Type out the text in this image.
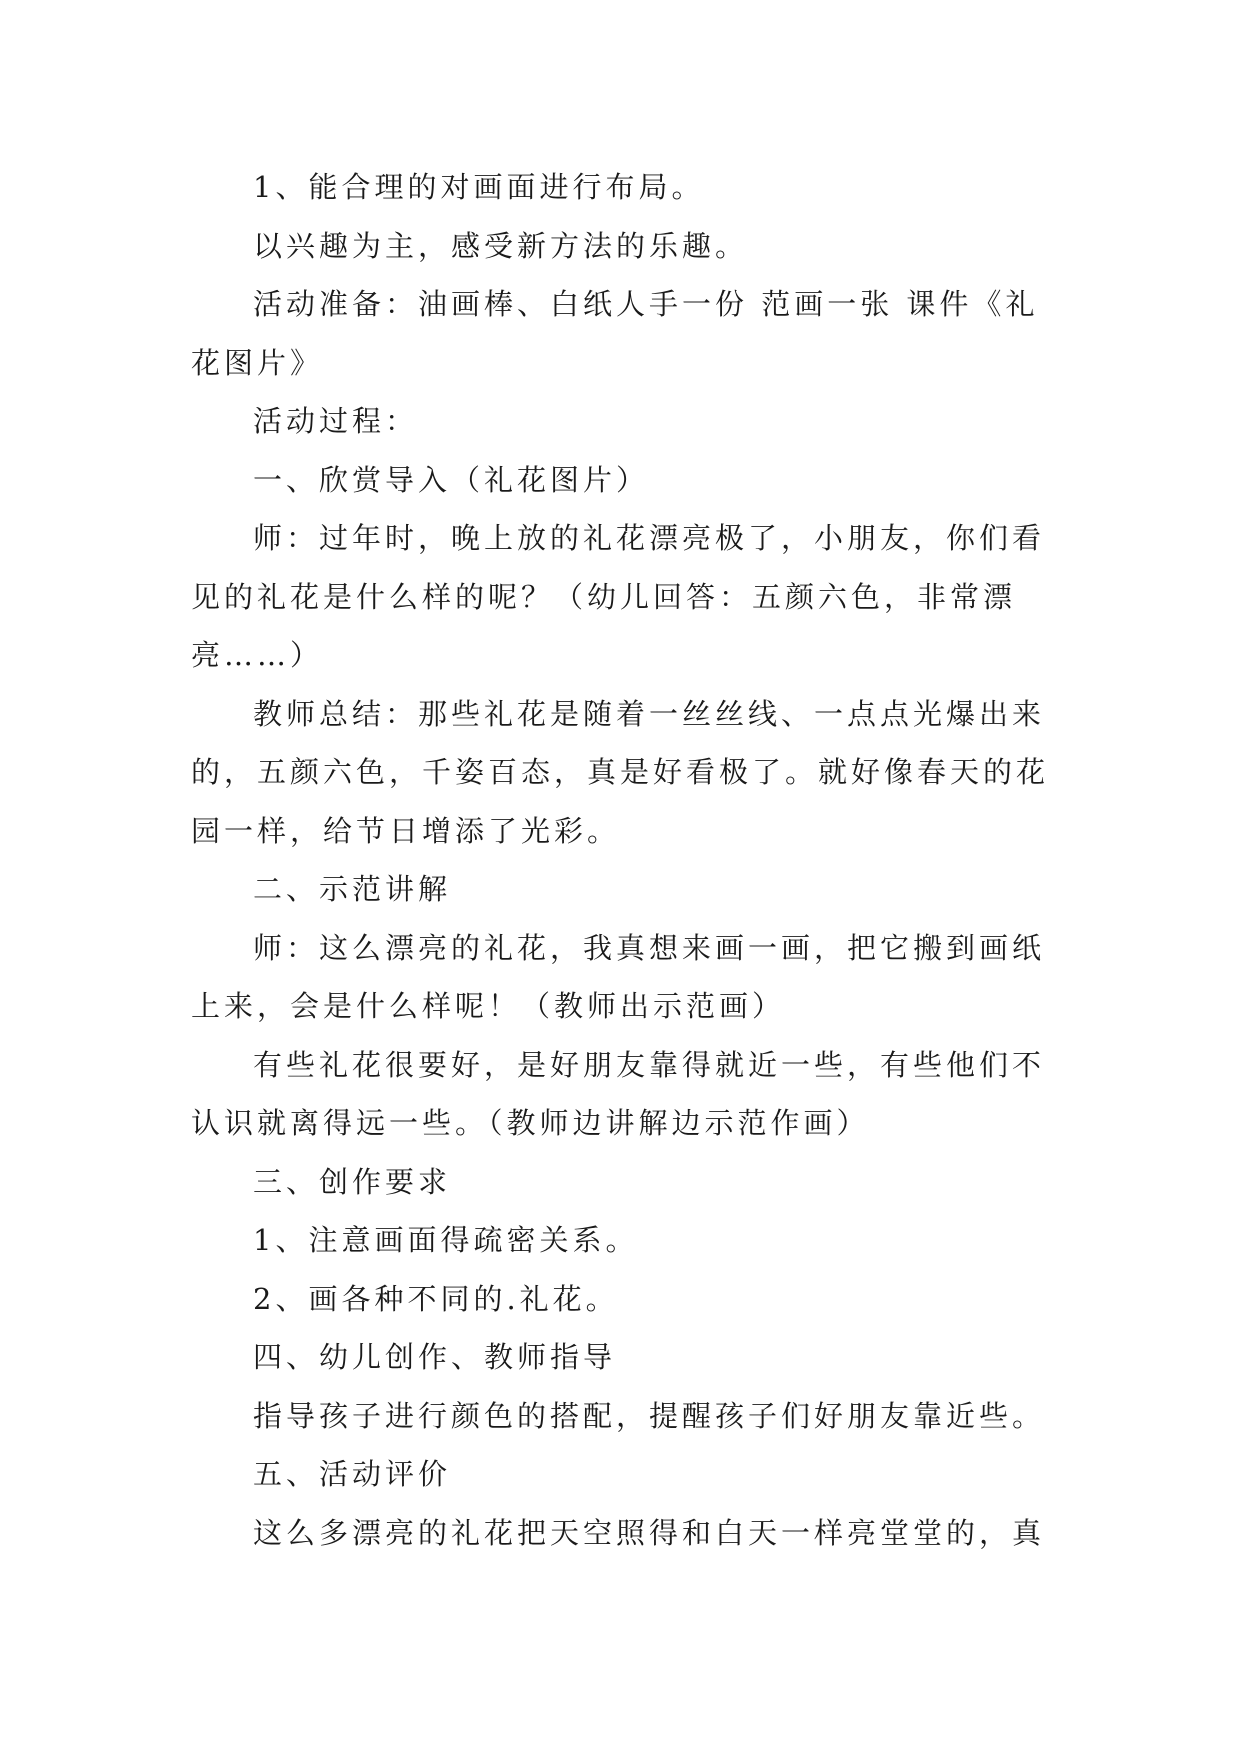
1、能合理的对画面进行布局。

以兴趣为主，感受新方法的乐趣。

活动准备：油画棒、白纸人手一份 范画一张 课件《礼花图片》

活动过程：

一、欣赏导入（礼花图片）

师：过年时，晚上放的礼花漂亮极了，小朋友，你们看见的礼花是什么样的呢？（幼儿回答：五颜六色，非常漂亮……）

教师总结：那些礼花是随着一丝丝线、一点点光爆出来的，五颜六色，千姿百态，真是好看极了。就好像春天的花园一样，给节日增添了光彩。

二、示范讲解

师：这么漂亮的礼花，我真想来画一画，把它搬到画纸上来，会是什么样呢！（教师出示范画）

有些礼花很要好，是好朋友靠得就近一些，有些他们不认识就离得远一些。（教师边讲解边示范作画）

三、创作要求

1、注意画面得疏密关系。

2、画各种不同的.礼花。

四、幼儿创作、教师指导

指导孩子进行颜色的搭配，提醒孩子们好朋友靠近些。

五、活动评价

这么多漂亮的礼花把天空照得和白天一样亮堂堂的，真
